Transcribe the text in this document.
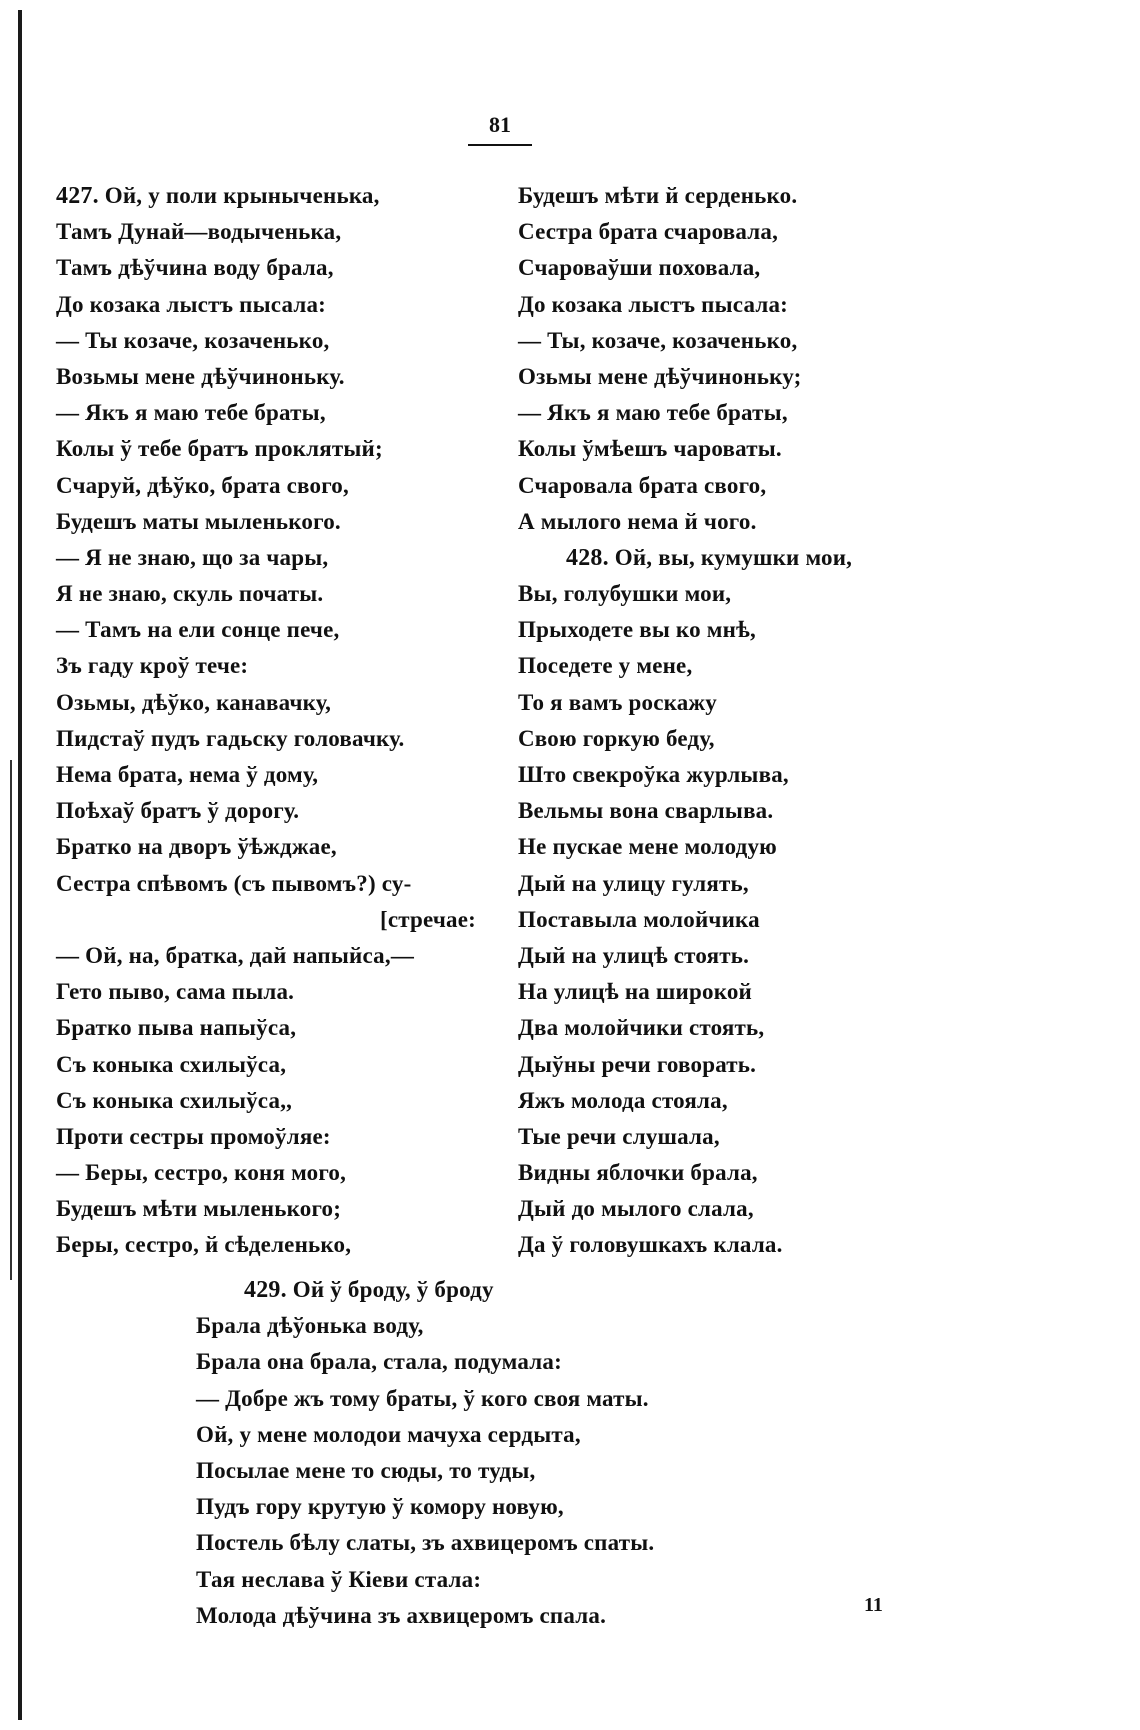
81
427. Ой, у поли крыныченька,
Тамъ Дунай—водыченька,
Тамъ дѣўчина воду брала,
До козака лыстъ пысала:
— Ты козаче, козаченько,
Возьмы мене дѣўчиноньку.
— Якъ я маю тебе браты,
Колы ў тебе братъ проклятый;
Счаруй, дѣўко, брата свого,
Будешъ маты мыленького.
— Я не знаю, що за чары,
Я не знаю, скуль початы.
— Тамъ на ели сонце пече,
Зъ гаду кроў тече:
Озьмы, дѣўко, канавачку,
Пидстаў пудъ гадьску головачку.
Нема брата, нема ў дому,
Поѣхаў братъ ў дорогу.
Братко на дворъ ўѣжджае,
Сестра спѣвомъ (съ пывомъ?) су-
[стречае:
— Ой, на, братка, дай напыйса,—
Гето пыво, сама пыла.
Братко пыва напыўса,
Съ коныка схилыўса,
Съ коныка схилыўса,,
Проти сестры промоўляе:
— Беры, сестро, коня мого,
Будешъ мѣти мыленького;
Беры, сестро, й сѣделенько,
Будешъ мѣти й серденько.
Сестра брата счаровала,
Счароваўши поховала,
До козака лыстъ пысала:
— Ты, козаче, козаченько,
Озьмы мене дѣўчиноньку;
— Якъ я маю тебе браты,
Колы ўмѣешъ чароваты.
Счаровала брата свого,
А мылого нема й чого.
428. Ой, вы, кумушки мои,
Вы, голубушки мои,
Прыходете вы ко мнѣ,
Поседете у мене,
То я вамъ роскажу
Свою горкую беду,
Што свекроўка журлыва,
Вельмы вона сварлыва.
Не пускае мене молодую
Дый на улицу гулять,
Поставыла молойчика
Дый на улицѣ стоять.
На улицѣ на широкой
Два молойчики стоять,
Дыўны речи говорать.
Яжъ молода стояла,
Тые речи слушала,
Видны яблочки брала,
Дый до мылого слала,
Да ў головушкахъ клала.
429. Ой ў броду, ў броду
Брала дѣўонька воду,
Брала она брала, стала, подумала:
— Добре жъ тому браты, ў кого своя маты.
Ой, у мене молодои мачуха сердыта,
Посылае мене то сюды, то туды,
Пудъ гору крутую ў комору новую,
Постель бѣлу слаты, зъ ахвицеромъ спаты.
Тая неслава ў Кіеви стала:
Молода дѣўчина зъ ахвицеромъ спала.	11
